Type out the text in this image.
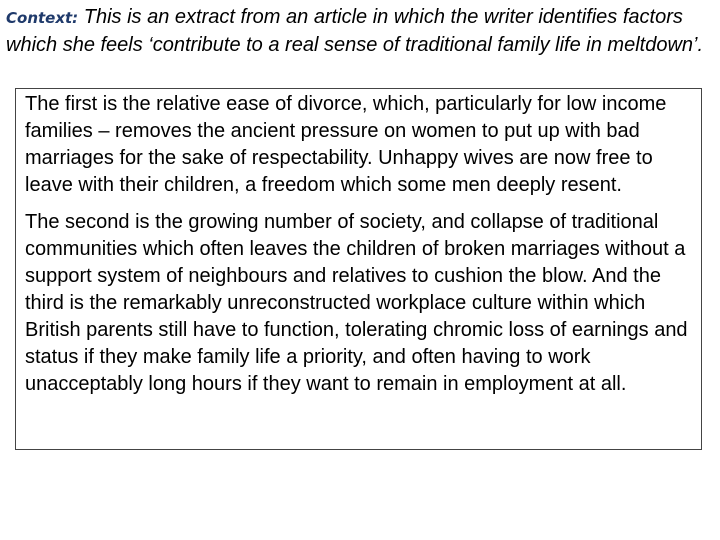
Context: This is an extract from an article in which the writer identifies factors which she feels ‘contribute to a real sense of traditional family life in meltdown’.

The first is the relative ease of divorce, which, particularly for low income families – removes the ancient pressure on women to put up with bad marriages for the sake of respectability. Unhappy wives are now free to leave with their children, a freedom which some men deeply resent.

The second is the growing number of society, and collapse of traditional communities which often leaves the children of broken marriages without a support system of neighbours and relatives to cushion the blow. And the third is the remarkably unreconstructed workplace culture within which British parents still have to function, tolerating chromic loss of earnings and status if they make family life a priority, and often having to work unacceptably long hours if they want to remain in employment at all.
